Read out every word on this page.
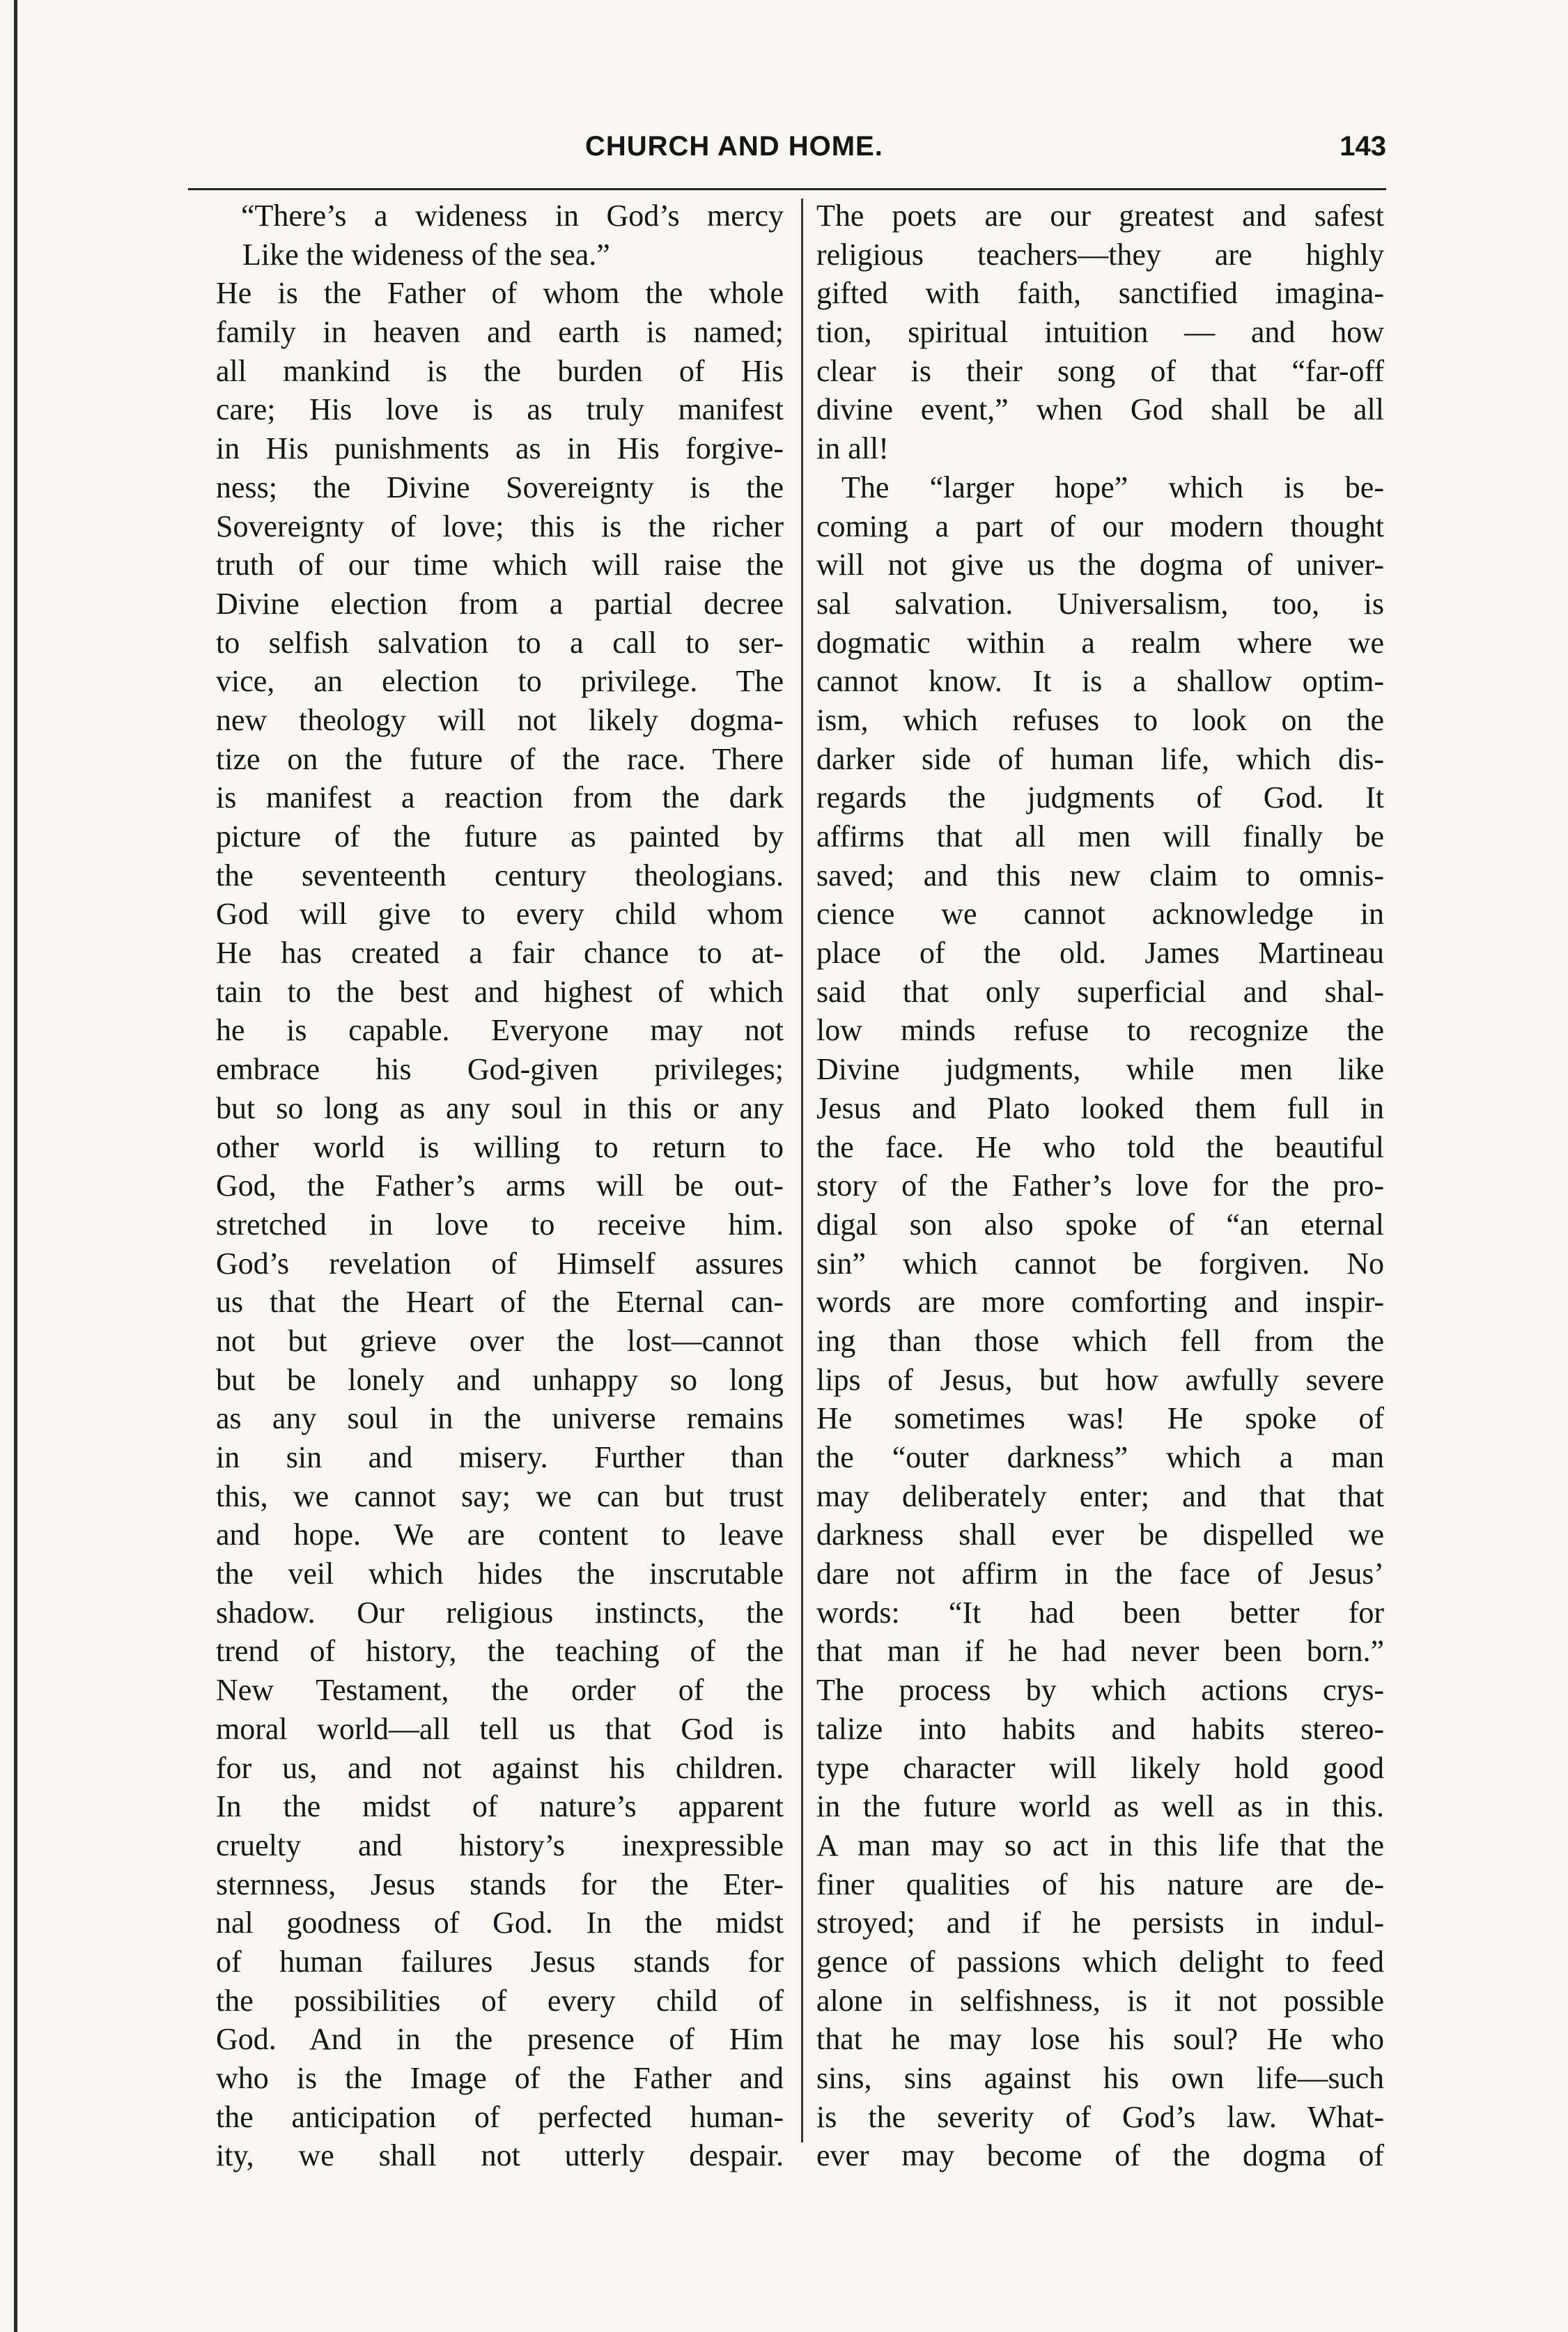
CHURCH AND HOME.	143
“There’s a wideness in God’s mercy
Like the wideness of the sea.”
He is the Father of whom the whole
family in heaven and earth is named;
all mankind is the burden of His
care; His love is as truly manifest
in His punishments as in His forgive-
ness; the Divine Sovereignty is the
Sovereignty of love; this is the richer
truth of our time which will raise the
Divine election from a partial decree
to selfish salvation to a call to ser-
vice, an election to privilege. The
new theology will not likely dogma-
tize on the future of the race. There
is manifest a reaction from the dark
picture of the future as painted by
the seventeenth century theologians.
God will give to every child whom
He has created a fair chance to at-
tain to the best and highest of which
he is capable. Everyone may not
embrace his God-given privileges;
but so long as any soul in this or any
other world is willing to return to
God, the Father’s arms will be out-
stretched in love to receive him.
God’s revelation of Himself assures
us that the Heart of the Eternal can-
not but grieve over the lost—cannot
but be lonely and unhappy so long
as any soul in the universe remains
in sin and misery. Further than
this, we cannot say; we can but trust
and hope. We are content to leave
the veil which hides the inscrutable
shadow. Our religious instincts, the
trend of history, the teaching of the
New Testament, the order of the
moral world—all tell us that God is
for us, and not against his children.
In the midst of nature’s apparent
cruelty and history’s inexpressible
sternness, Jesus stands for the Eter-
nal goodness of God. In the midst
of human failures Jesus stands for
the possibilities of every child of
God. And in the presence of Him
who is the Image of the Father and
the anticipation of perfected human-
ity, we shall not utterly despair.
The poets are our greatest and safest
religious teachers—they are highly
gifted with faith, sanctified imagina-
tion, spiritual intuition — and how
clear is their song of that “far-off
divine event,” when God shall be all
in all!
The “larger hope” which is be-
coming a part of our modern thought
will not give us the dogma of univer-
sal salvation. Universalism, too, is
dogmatic within a realm where we
cannot know. It is a shallow optim-
ism, which refuses to look on the
darker side of human life, which dis-
regards the judgments of God. It
affirms that all men will finally be
saved; and this new claim to omnis-
cience we cannot acknowledge in
place of the old. James Martineau
said that only superficial and shal-
low minds refuse to recognize the
Divine judgments, while men like
Jesus and Plato looked them full in
the face. He who told the beautiful
story of the Father’s love for the pro-
digal son also spoke of “an eternal
sin” which cannot be forgiven. No
words are more comforting and inspir-
ing than those which fell from the
lips of Jesus, but how awfully severe
He sometimes was! He spoke of
the “outer darkness” which a man
may deliberately enter; and that that
darkness shall ever be dispelled we
dare not affirm in the face of Jesus’
words: “It had been better for
that man if he had never been born.”
The process by which actions crys-
talize into habits and habits stereo-
type character will likely hold good
in the future world as well as in this.
A man may so act in this life that the
finer qualities of his nature are de-
stroyed; and if he persists in indul-
gence of passions which delight to feed
alone in selfishness, is it not possible
that he may lose his soul? He who
sins, sins against his own life—such
is the severity of God’s law. What-
ever may become of the dogma of
